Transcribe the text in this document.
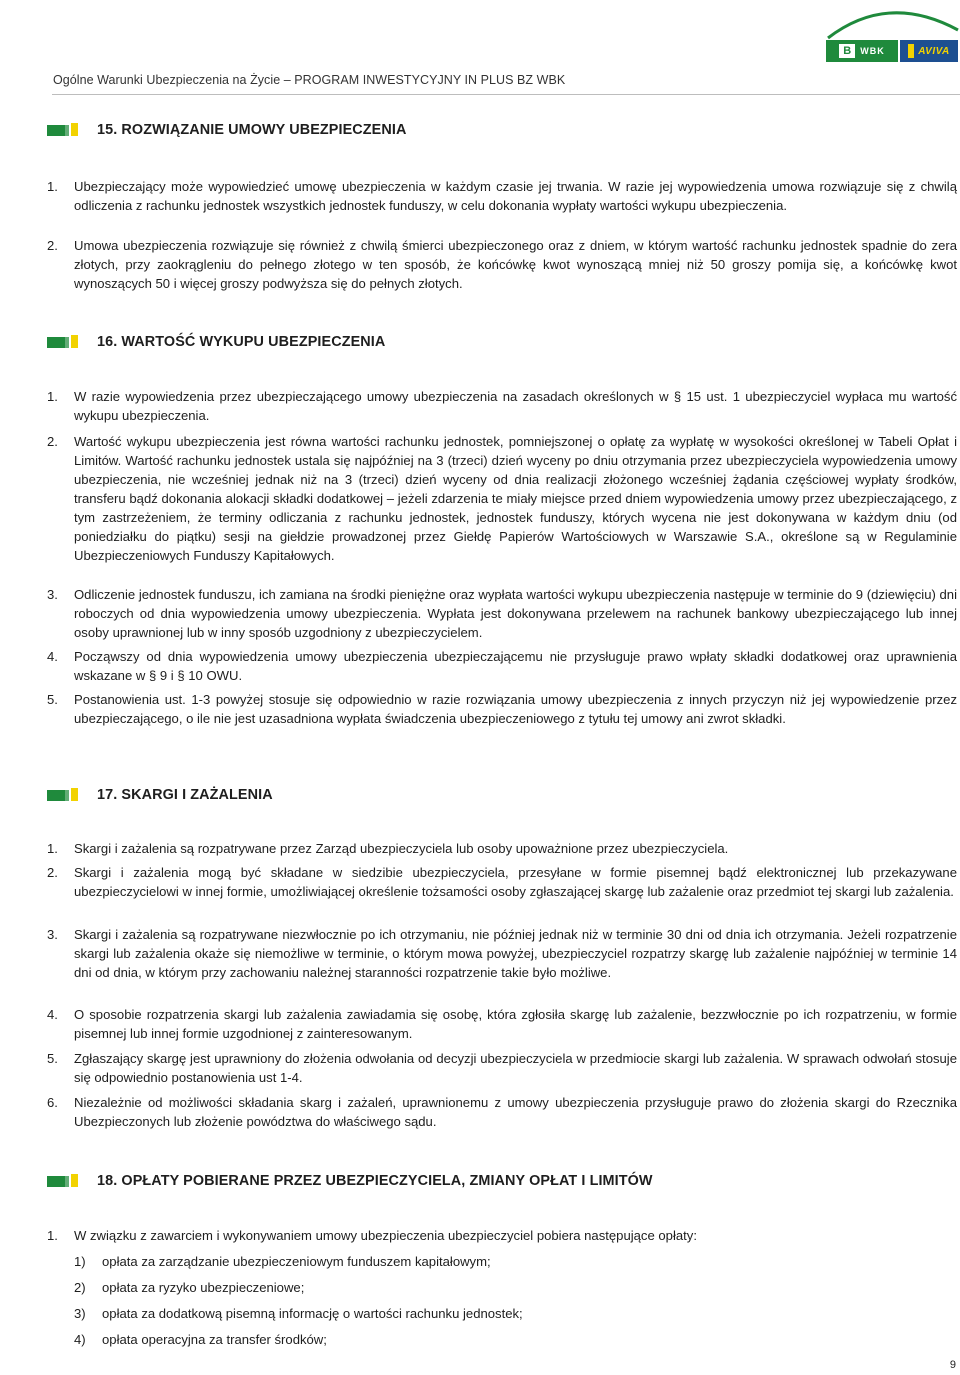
Ogólne Warunki Ubezpieczenia na Życie – PROGRAM INWESTYCYJNY IN PLUS BZ WBK
B	WBK	AVIVA
15. ROZWIĄZANIE UMOWY UBEZPIECZENIA
1.	Ubezpieczający może wypowiedzieć umowę ubezpieczenia w każdym czasie jej trwania. W razie jej wypowiedzenia umowa rozwiązuje się z chwilą odliczenia z rachunku jednostek wszystkich jednostek funduszy, w celu dokonania wypłaty wartości wykupu ubezpieczenia.
2.	Umowa ubezpieczenia rozwiązuje się również z chwilą śmierci ubezpieczonego oraz z dniem, w którym wartość rachunku jednostek spadnie do zera złotych, przy zaokrągleniu do pełnego złotego w ten sposób, że końcówkę kwot wynoszącą mniej niż 50 groszy pomija się, a końcówkę kwot wynoszących 50 i więcej groszy podwyższa się do pełnych złotych.
16. WARTOŚĆ WYKUPU UBEZPIECZENIA
1.	W razie wypowiedzenia przez ubezpieczającego umowy ubezpieczenia na zasadach określonych w § 15 ust. 1 ubezpieczyciel wypłaca mu wartość wykupu ubezpieczenia.
2.	Wartość wykupu ubezpieczenia jest równa wartości rachunku jednostek, pomniejszonej o opłatę za wypłatę w wysokości określonej w Tabeli Opłat i Limitów. Wartość rachunku jednostek ustala się najpóźniej na 3 (trzeci) dzień wyceny po dniu otrzymania przez ubezpieczyciela wypowiedzenia umowy ubezpieczenia, nie wcześniej jednak niż na 3 (trzeci) dzień wyceny od dnia realizacji złożonego wcześniej żądania częściowej wypłaty środków, transferu bądź dokonania alokacji składki dodatkowej – jeżeli zdarzenia te miały miejsce przed dniem wypowiedzenia umowy przez ubezpieczającego, z tym zastrzeżeniem, że terminy odliczania z rachunku jednostek, jednostek funduszy, których wycena nie jest dokonywana w każdym dniu (od poniedziałku do piątku) sesji na giełdzie prowadzonej przez Giełdę Papierów Wartościowych w Warszawie S.A., określone są w Regulaminie Ubezpieczeniowych Funduszy Kapitałowych.
3.	Odliczenie jednostek funduszu, ich zamiana na środki pieniężne oraz wypłata wartości wykupu ubezpieczenia następuje w terminie do 9 (dziewięciu) dni roboczych od dnia wypowiedzenia umowy ubezpieczenia. Wypłata jest dokonywana przelewem na rachunek bankowy ubezpieczającego lub innej osoby uprawnionej lub w inny sposób uzgodniony z ubezpieczycielem.
4.	Począwszy od dnia wypowiedzenia umowy ubezpieczenia ubezpieczającemu nie przysługuje prawo wpłaty składki dodatkowej oraz uprawnienia wskazane w § 9 i § 10 OWU.
5.	Postanowienia ust. 1-3 powyżej stosuje się odpowiednio w razie rozwiązania umowy ubezpieczenia z innych przyczyn niż jej wypowiedzenie przez ubezpieczającego, o ile nie jest uzasadniona wypłata świadczenia ubezpieczeniowego z tytułu tej umowy ani zwrot składki.
17. SKARGI I ZAŻALENIA
1.	Skargi i zażalenia są rozpatrywane przez Zarząd ubezpieczyciela lub osoby upoważnione przez ubezpieczyciela.
2.	Skargi i zażalenia mogą być składane w siedzibie ubezpieczyciela, przesyłane w formie pisemnej bądź elektronicznej lub przekazywane ubezpieczycielowi w innej formie, umożliwiającej określenie tożsamości osoby zgłaszającej skargę lub zażalenie oraz przedmiot tej skargi lub zażalenia.
3.	Skargi i zażalenia są rozpatrywane niezwłocznie po ich otrzymaniu, nie później jednak niż w terminie 30 dni od dnia ich otrzymania. Jeżeli rozpatrzenie skargi lub zażalenia okaże się niemożliwe w terminie, o którym mowa powyżej, ubezpieczyciel rozpatrzy skargę lub zażalenie najpóźniej w terminie 14 dni od dnia, w którym przy zachowaniu należnej staranności rozpatrzenie takie było możliwe.
4.	O sposobie rozpatrzenia skargi lub zażalenia zawiadamia się osobę, która zgłosiła skargę lub zażalenie, bezzwłocznie po ich rozpatrzeniu, w formie pisemnej lub innej formie uzgodnionej z zainteresowanym.
5.	Zgłaszający skargę jest uprawniony do złożenia odwołania od decyzji ubezpieczyciela w przedmiocie skargi lub zażalenia. W sprawach odwołań stosuje się odpowiednio postanowienia ust 1-4.
6.	Niezależnie od możliwości składania skarg i zażaleń, uprawnionemu z umowy ubezpieczenia przysługuje prawo do złożenia skargi do Rzecznika Ubezpieczonych lub złożenie powództwa do właściwego sądu.
18. OPŁATY POBIERANE PRZEZ UBEZPIECZYCIELA, ZMIANY OPŁAT I LIMITÓW
1.	W związku z zawarciem i wykonywaniem umowy ubezpieczenia ubezpieczyciel pobiera następujące opłaty:
1)	opłata za zarządzanie ubezpieczeniowym funduszem kapitałowym;
2)	opłata za ryzyko ubezpieczeniowe;
3)	opłata za dodatkową pisemną informację o wartości rachunku jednostek;
4)	opłata operacyjna za transfer środków;
9
